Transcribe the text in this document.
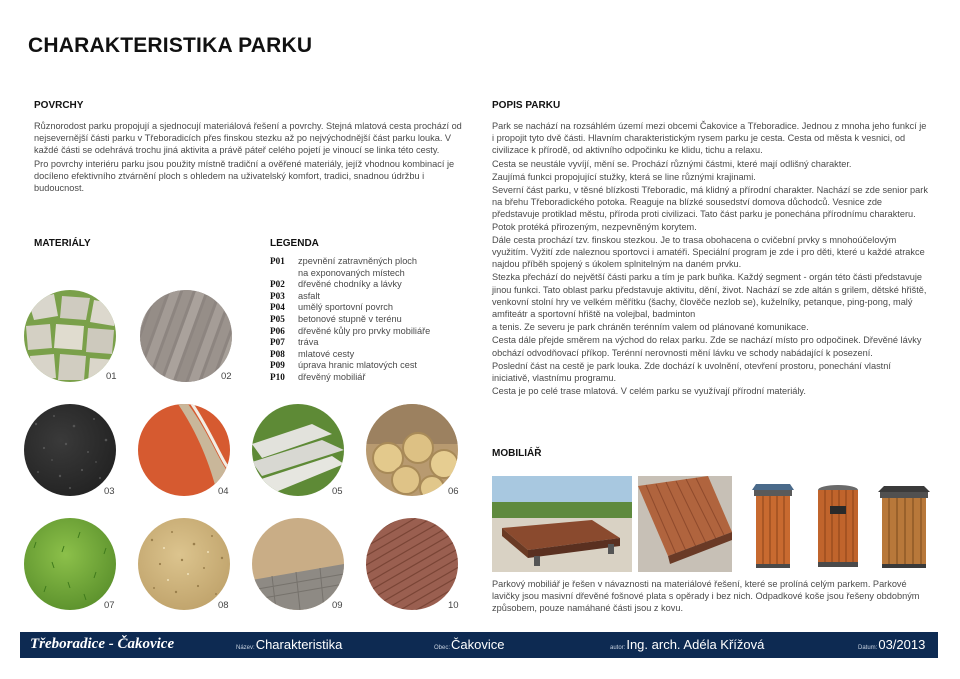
CHARAKTERISTIKA PARKU
POVRCHY

Různorodost parku propojují a sjednocují materiálová řešení a povrchy. Stejná mlatová cesta prochází od nejsevernější části parku v Třeboradicích přes finskou stezku až po nejvýchodnější část parku louka. V každé části se odehrává trochu jiná aktivita a právě páteř celého pojetí je vinoucí se linka této cesty.

Pro povrchy interiéru parku jsou použity místně tradiční a ověřené materiály, jejíž vhodnou kombinací je docíleno efektivního ztvárnění ploch s ohledem na uživatelský komfort, tradici, snadnou údržbu i budoucnost.

MATERIÁLY	LEGENDA
P01	zpevnění zatravněných ploch
na exponovaných místech
P02	dřevěné chodníky a lávky
P03	asfalt
P04	umělý sportovní povrch
P05	betonové stupně v terénu
P06	dřevěné kůly pro prvky mobiliáře
P07	tráva
P08	mlatové cesty
P09	úprava hranic mlatových cest
P10	dřevěný mobiliář
01	02
03	04	05	06
07	08	09	10
POPIS PARKU

Park se nachází na rozsáhlém území mezi obcemi Čakovice a Třeboradice. Jednou z mnoha jeho funkcí je i propojit tyto dvě části. Hlavním charakteristickým rysem parku je cesta. Cesta od města k vesnici, od civilizace k přírodě, od aktivního odpočinku ke klidu, tichu a relaxu.

Cesta se neustále vyvíjí, mění se. Prochází různými částmi, které mají odlišný charakter.

Zaujímá funkci propojující stužky, která se line různými krajinami.

Severní část parku, v těsné blízkosti Třeboradic, má klidný a přírodní charakter. Nachází se zde senior park na břehu Třeboradického potoka. Reaguje na blízké sousedství domova důchodců. Vesnice zde představuje protiklad městu, příroda proti civilizaci. Tato část parku je ponechána přírodnímu charakteru. Potok protéká přirozeným, nezpevněným korytem.

Dále cesta prochází tzv. finskou stezkou. Je to trasa obohacena o cvičební prvky s mnohoúčelovým využitím. Vyžití zde naleznou sportovci i amatéři. Speciální program je zde i pro děti, které u každé atrakce najdou příběh spojený s úkolem splnitelným na daném prvku.

Stezka přechází do největší části parku a tím je park buňka. Každý segment - orgán této části představuje jinou funkci. Tato oblast parku představuje aktivitu, dění, život. Nachází se zde altán s grilem, dětské hřiště, venkovní stolní hry ve velkém měřítku (šachy, člověče nezlob se), kuželníky, petanque, ping-pong, malý amfiteátr a sportovní hřiště na volejbal, badminton

a tenis. Ze severu je park chráněn terénním valem od plánované komunikace.

Cesta dále přejde směrem na východ do relax parku. Zde se nachází místo pro odpočinek. Dřevěné lávky obchází odvodňovací příkop. Terénní nerovnosti mění lávku ve schody nabádající k posezení.

Poslední část na cestě je park louka. Zde dochází k uvolnění, otevření prostoru, ponechání vlastní iniciativě, vlastnímu programu.

Cesta je po celé trase mlatová. V celém parku se využívají přírodní materiály.

MOBILIÁŘ
Parkový mobiliář je řešen v návaznosti na materiálové řešení, které se prolíná celým parkem. Parkové lavičky jsou masivní dřevěné fošnové plata s opěrady i bez nich. Odpadkové koše jsou řešeny obdobným způsobem, pouze namáhané části jsou z kovu.
Třeboradice - Čakovice	Název: Charakteristika	Obec: Čakovice	autor: Ing. arch. Adéla Křížová	Datum: 03/2013
